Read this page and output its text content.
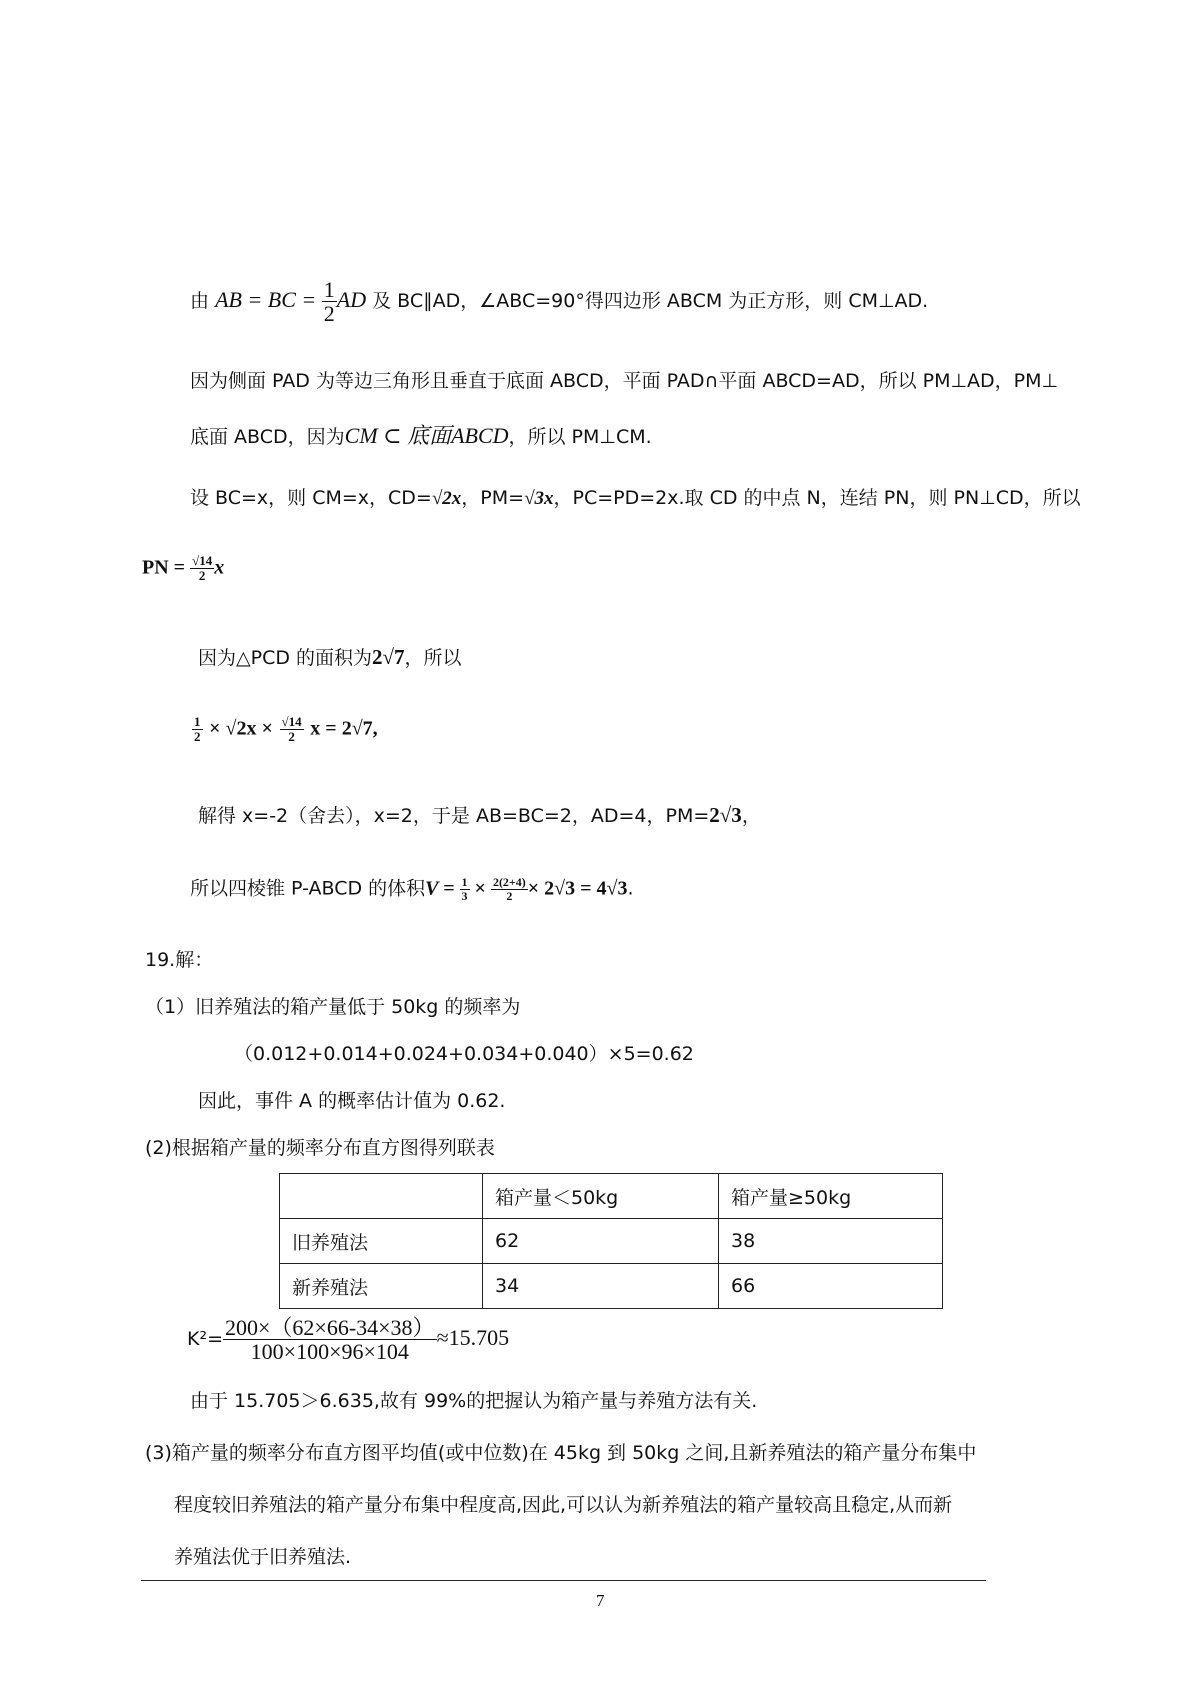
由 AB = BC = $\frac{1}{2}$ AD 及 BC∥AD，∠ABC=90°得四边形 ABCM 为正方形，则 CM⊥AD.
因为侧面 PAD 为等边三角形且垂直于底面 ABCD，平面 PAD∩平面 ABCD=AD，所以 PM⊥AD，PM⊥
底面 ABCD，因为CM ⊂ 底面ABCD，所以 PM⊥CM.
设 BC=x，则 CM=x，CD=√2x，PM=√3x，PC=PD=2x.取 CD 的中点 N，连结 PN，则 PN⊥CD，所以
PN = $\frac{√14}{2}$ x
因为△PCD 的面积为2√7，所以
$\frac{1}{2} \times √2x \times \frac{√14}{2}$ x = 2√7,
解得 x=-2（舍去），x=2，于是 AB=BC=2，AD=4，PM=2√3，
所以四棱锥 P-ABCD 的体积$V = \frac{1}{3} \times \frac{2(2+4)}{2} \times 2√3 = 4√3$.
19.解：
（1）旧养殖法的箱产量低于 50kg 的频率为
（0.012+0.014+0.024+0.034+0.040）×5=0.62
因此，事件 A 的概率估计值为 0.62.
(2)根据箱产量的频率分布直方图得列联表
	箱产量＜50kg	箱产量≥50kg
旧养殖法	62	38
新养殖法	34	66
$K^2= \frac{200\times(62\times 66-34\times 38)}{100\times 100\times 96\times 104} \approx 15.705$
由于 15.705＞6.635,故有 99%的把握认为箱产量与养殖方法有关.
(3)箱产量的频率分布直方图平均值(或中位数)在 45kg 到 50kg 之间,且新养殖法的箱产量分布集中
程度较旧养殖法的箱产量分布集中程度高,因此,可以认为新养殖法的箱产量较高且稳定,从而新
养殖法优于旧养殖法.
7
